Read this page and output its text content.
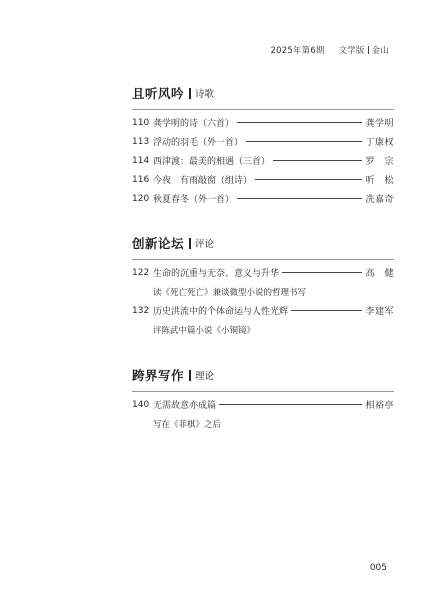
2025年第6期 文学版 金山
且听风吟 诗歌
110 龚学明的诗（六首）	龚学明
113 浮动的羽毛（外一首）	丁康权
114 西津渡：最美的相遇（三首）	罗　宗
116 今夜　有雨敲窗（组诗）	听　松
120 秋夏春冬（外一首）	冼嘉奇
创新论坛 评论
122 生命的沉重与无奈、意义与升华	高　健
读《死亡死亡》兼谈微型小说的哲理书写
132 历史洪流中的个体命运与人性光辉	李建军
评陈武中篇小说《小铜镜》
跨界写作 理论
140 无需故意亦成篇	相裕亭
写在《菲棋》之后
005
